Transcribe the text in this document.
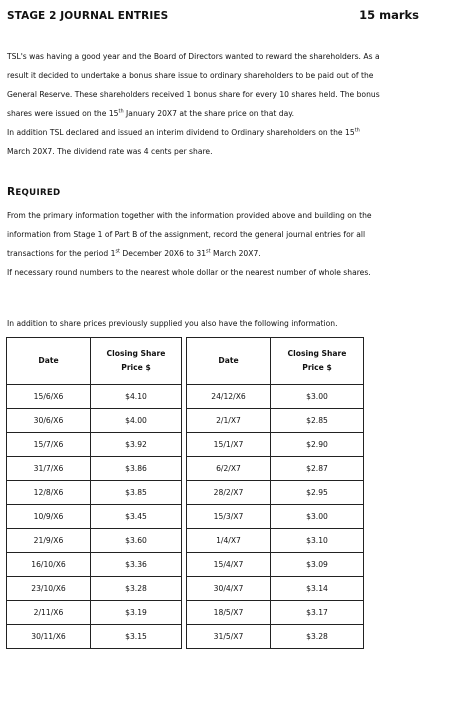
STAGE 2 JOURNAL ENTRIES	15 marks

TSL's was having a good year and the Board of Directors wanted to reward the shareholders. As a
result it decided to undertake a bonus share issue to ordinary shareholders to be paid out of the
General Reserve. These shareholders received 1 bonus share for every 10 shares held. The bonus
shares were issued on the 15th January 20X7 at the share price on that day.
In addition TSL declared and issued an interim dividend to Ordinary shareholders on the 15th
March 20X7. The dividend rate was 4 cents per share.

REQUIRED

From the primary information together with the information provided above and building on the
information from Stage 1 of Part B of the assignment, record the general journal entries for all
transactions for the period 1st December 20X6 to 31st March 20X7.
If necessary round numbers to the nearest whole dollar or the nearest number of whole shares.

In addition to share prices previously supplied you also have the following information.

Date	Closing Share
Price $		Date	Closing Share
Price $
15/6/X6	$4.10		24/12/X6	$3.00
30/6/X6	$4.00		2/1/X7	$2.85
15/7/X6	$3.92		15/1/X7	$2.90
31/7/X6	$3.86		6/2/X7	$2.87
12/8/X6	$3.85		28/2/X7	$2.95
10/9/X6	$3.45		15/3/X7	$3.00
21/9/X6	$3.60		1/4/X7	$3.10
16/10/X6	$3.36		15/4/X7	$3.09
23/10/X6	$3.28		30/4/X7	$3.14
2/11/X6	$3.19		18/5/X7	$3.17
30/11/X6	$3.15		31/5/X7	$3.28
